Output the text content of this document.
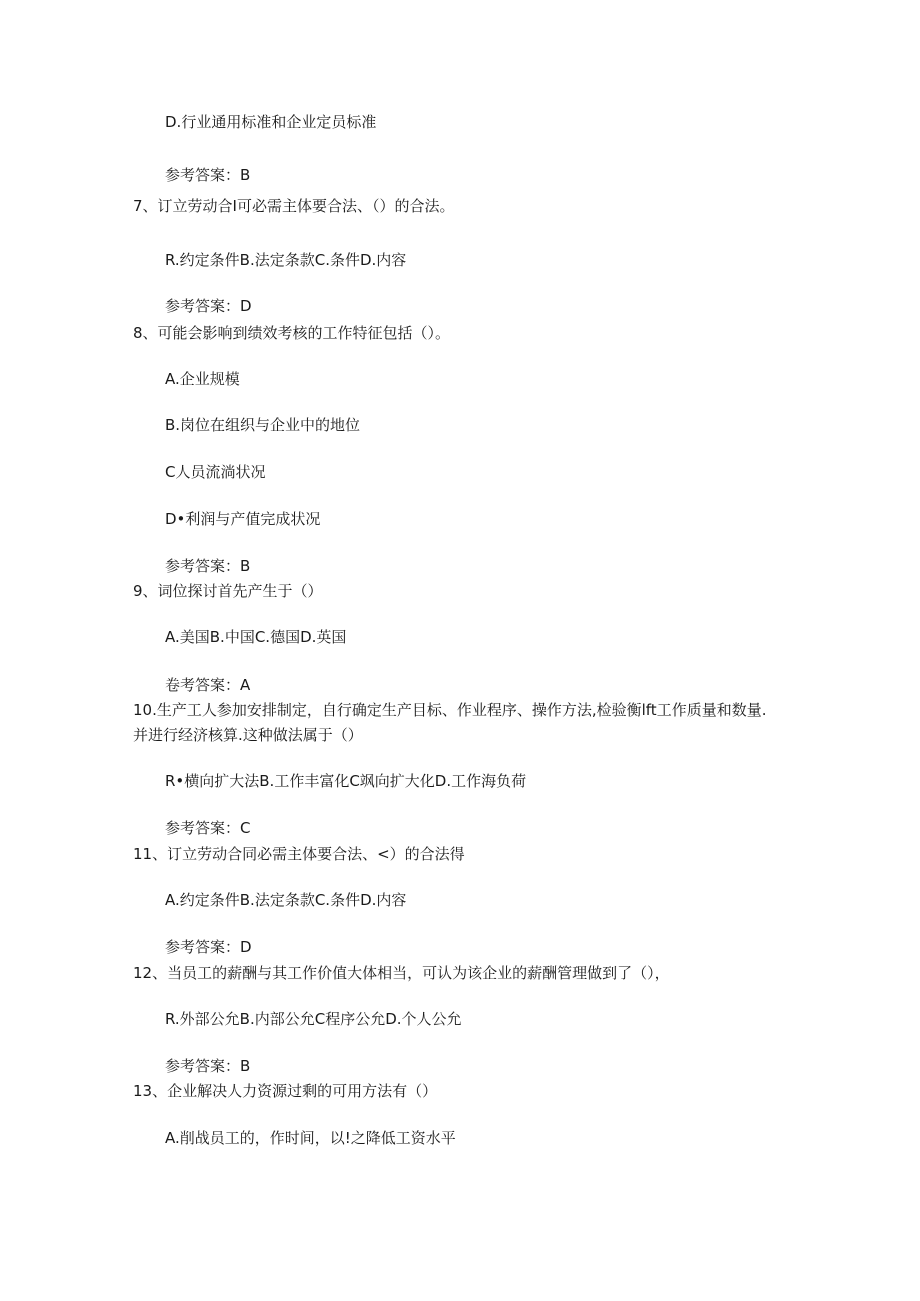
D.行业通用标准和企业定员标准
参考答案：B
7、订立劳动合I可必需主体要合法、（）的合法。
R.约定条件B.法定条款C.条件D.内容
参考答案：D
8、可能会影响到绩效考核的工作特征包括（）。
A.企业规模
B.岗位在组织与企业中的地位
C人员流淌状况
D•利润与产值完成状况
参考答案：B
9、词位探讨首先产生于（）
A.美国B.中国C.德国D.英国
卷考答案：A
10.生产工人参加安排制定，自行确定生产目标、作业程序、操作方法,检验衡lft工作质量和数量.
并进行经济核算.这种做法属于（）
R•横向扩大法B.工作丰富化C飒向扩大化D.工作海负荷
参考答案：C
11、订立劳动合同必需主体要合法、<）的合法得
A.约定条件B.法定条款C.条件D.内容
参考答案：D
12、当员工的薪酬与其工作价值大体相当，可认为该企业的薪酬管理做到了（），
R.外部公允B.内部公允C程序公允D.个人公允
参考答案：B
13、企业解决人力资源过剩的可用方法有（）
A.削战员工的，作时间，以!之降低工资水平
